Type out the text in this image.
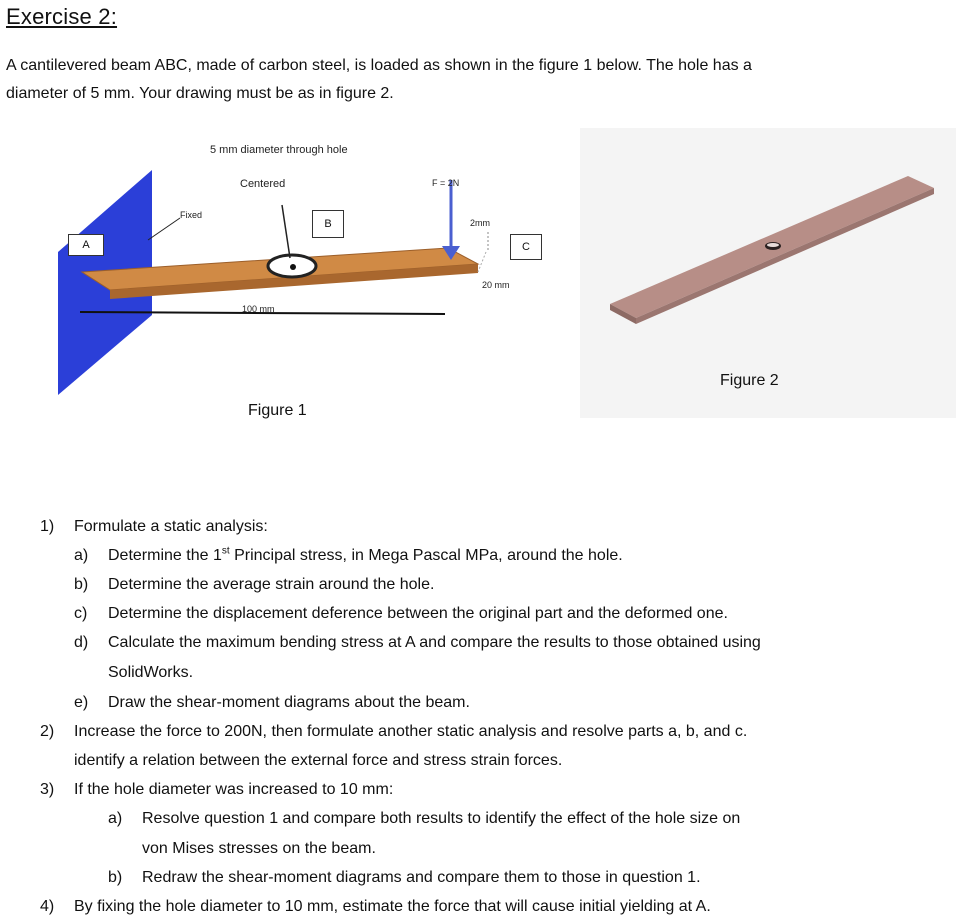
Exercise 2:
A cantilevered beam ABC, made of carbon steel, is loaded as shown in the figure 1 below. The hole has a
diameter of 5 mm. Your drawing must be as in figure 2.
5 mm diameter through hole
Centered
Fixed
F = 2N
2mm
20 mm
100 mm
A
B
C
Figure 1
Figure 2
1) Formulate a static analysis:
a) Determine the 1st Principal stress, in Mega Pascal MPa, around the hole.
b) Determine the average strain around the hole.
c) Determine the displacement deference between the original part and the deformed one.
d) Calculate the maximum bending stress at A and compare the results to those obtained using
SolidWorks.
e) Draw the shear-moment diagrams about the beam.
2) Increase the force to 200N, then formulate another static analysis and resolve parts a, b, and c.
identify a relation between the external force and stress strain forces.
3) If the hole diameter was increased to 10 mm:
a) Resolve question 1 and compare both results to identify the effect of the hole size on
von Mises stresses on the beam.
b) Redraw the shear-moment diagrams and compare them to those in question 1.
4) By fixing the hole diameter to 10 mm, estimate the force that will cause initial yielding at A.
